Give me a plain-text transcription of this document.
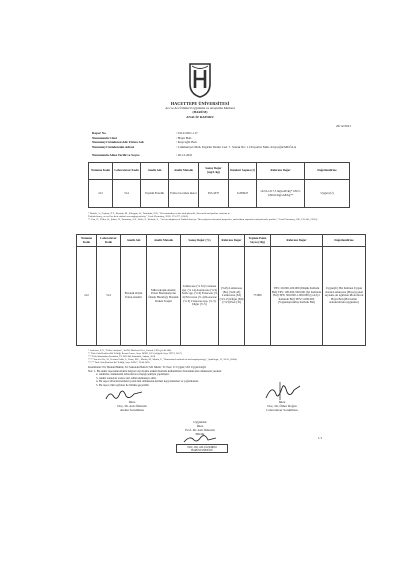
HACETTEPE ÜNİVERSİTESİ
Arı ve Arı Ürünleri Uygulama ve Araştırma Merkezi
(HARÜM)
ANALİZ RAPORU
29/12/2021
Rapor No	: 0112/2021-117
Numunenin Cinsi	: Hayıt Balı
Numuneyi Gönderen Adı/ Firma Adı	: Köyceğiz Balı
Numuneyi Gönderenin Adresi	: Cumhuriyet Mah. Ergirler Deniz Cad. 7. Sokak No: 11/Toparlar Mah. Köyceğiz/MUĞLA
Numunenin Alma Tarihi ve Sayısı	: 20.12.2021
Numune Kodu	Laboratuvar Kodu	Analiz Adı	Analiz Metodu	Sonuç Değer (mg/L/kg)	Standart Sapma (±)	Referans Değer	Değerlendirme
212	514	Toplam Fenolik	Folin-Ciocalteu metot	653.4337	0.209947	122,9-1217,5 mgGAE/kg* 180,5-1290,6 mgGAE/kg**	Uygun (U)
* Öztürk, A., Coşkun, Z.T., Kurtulu, M., Kılıçgün, O., Tanrıkulu, S.Ö., "Determination of the total phenolic, flavonoid and proline contents in
Turkish honey, as well as their radical scavenging activity", Food Chemistry, 2022; 375-377. (2005).
** Can, Z., Yıldız, O., Şahin, H., Turumtay, A.E., Silici, S., Kolaylı, S., "An investigation of Turkish honeys: Their physico-chemical properties, antioxidant capacities and phenolic profiles", Food Chemistry, 180, 133-141, (2015).
Numune Kodu	Laboratuvar Kodu	Analiz Adı	Analiz Metodu	Sonuç Değer (%)	Referans Değer	Toplam Polen Sayısı (10g)	Referans Değer	Değerlendirme
212	514	Botanik Orijin Polen Analizi	Mikroskopik Analiz; Polen Ekstraksiyonu Örnek Hazırlığı; Botanik Köken Tespiti	Lamiaceae (% 52) Castanea spp. (% 14) Asteraceae (% 9) Salix spp. (% 6) Fabaceae (% 4) Ericaceae (% 4) Rosaceae (% 3) Cistaceae spp. (% 3) Diğer (% 5)	(%45) Lamiaceae (En) (%20-45) Lamiaceae (Sd) (%3-15) Diğer (Mi) (<%3) Eser (Tr)	73 800	TPS: 20.000-100.000 (Düşük Kalbahı Bal) TPS: 100.000-500.000 (İyi Kalitede Bal) TPS: 500.000-1.000.000 (Çok İyi Kalitede Bal) TPS>1.000.000 (Yoğunlaştırılmış Kalbahı Bal)	Uygun(U) Bal Kalitesi Uygun olarak Lamiaceae (Hayıt) polen sayısına ait ağırlıkta Monofloral Hayıt Balı (Bal kalite standartlarına uygundur)
* Andersen, E.V., "Pollen Analysis", 3rd Ed. Blackwell Sci., Oxford, 1991 (p.146-148).
** Türk Gıda Kodeksi Bal Tebliği, Resmi Gazete, Sayı: 28969, 2011 (değişik: Sayı: 29971, 2017).
*** Türk Standartları Enstitüsü, TS 3036 Bal Standardı, Ankara, 2010.
**** Von der Ohe, W., Persano Oddo, L., Piana, M.L., Morlot, M., Martin, P., "Harmonized methods of melissopalynology", Apidologie, 35, 18-25, (2004).
***** Türk Gıda Kodeksi Bal Tebliği, Sayı: 2020/7, 22.04.2020.
Kısaltmalar: En: Baskın/Hakim; Sd: Sekonder/İkincil; Mi: Minör; Tr: Eser; U: Uygun; UD: Uygun Değil.
Not: 1- Bu analiz raporunun Kalite belgesi veya Kalite etiketi üzerinde kullanılması; Kurumun izni olmaksızın yasaktır.
2- Analizler, numunenin laboratuvara ulaştığı şekliyle yapılmıştır.
3- Analiz sonuçları sadece test edilen numuneye aittir.
4- Bu rapor laboratuvarımızın yazılı izni olmaksızın kısmen kopyalanamaz ve çoğaltılamaz.
5- Bu rapor; tüm sayfaları ile birlikte geçerlidir.
İmza
Doç. Dr. Aslı Özkırım
Analiz Sorumlusu
İmza
Doç. Dr. Ömer Doğan
Laboratuvar Sorumlusu
Uygundur
İmza
Prof. Dr. Aslı Özkırım
Müdür
DOÇ. DR. ASLI ÖZKIRIM
HARÜM MÜDÜRÜ
1/1
